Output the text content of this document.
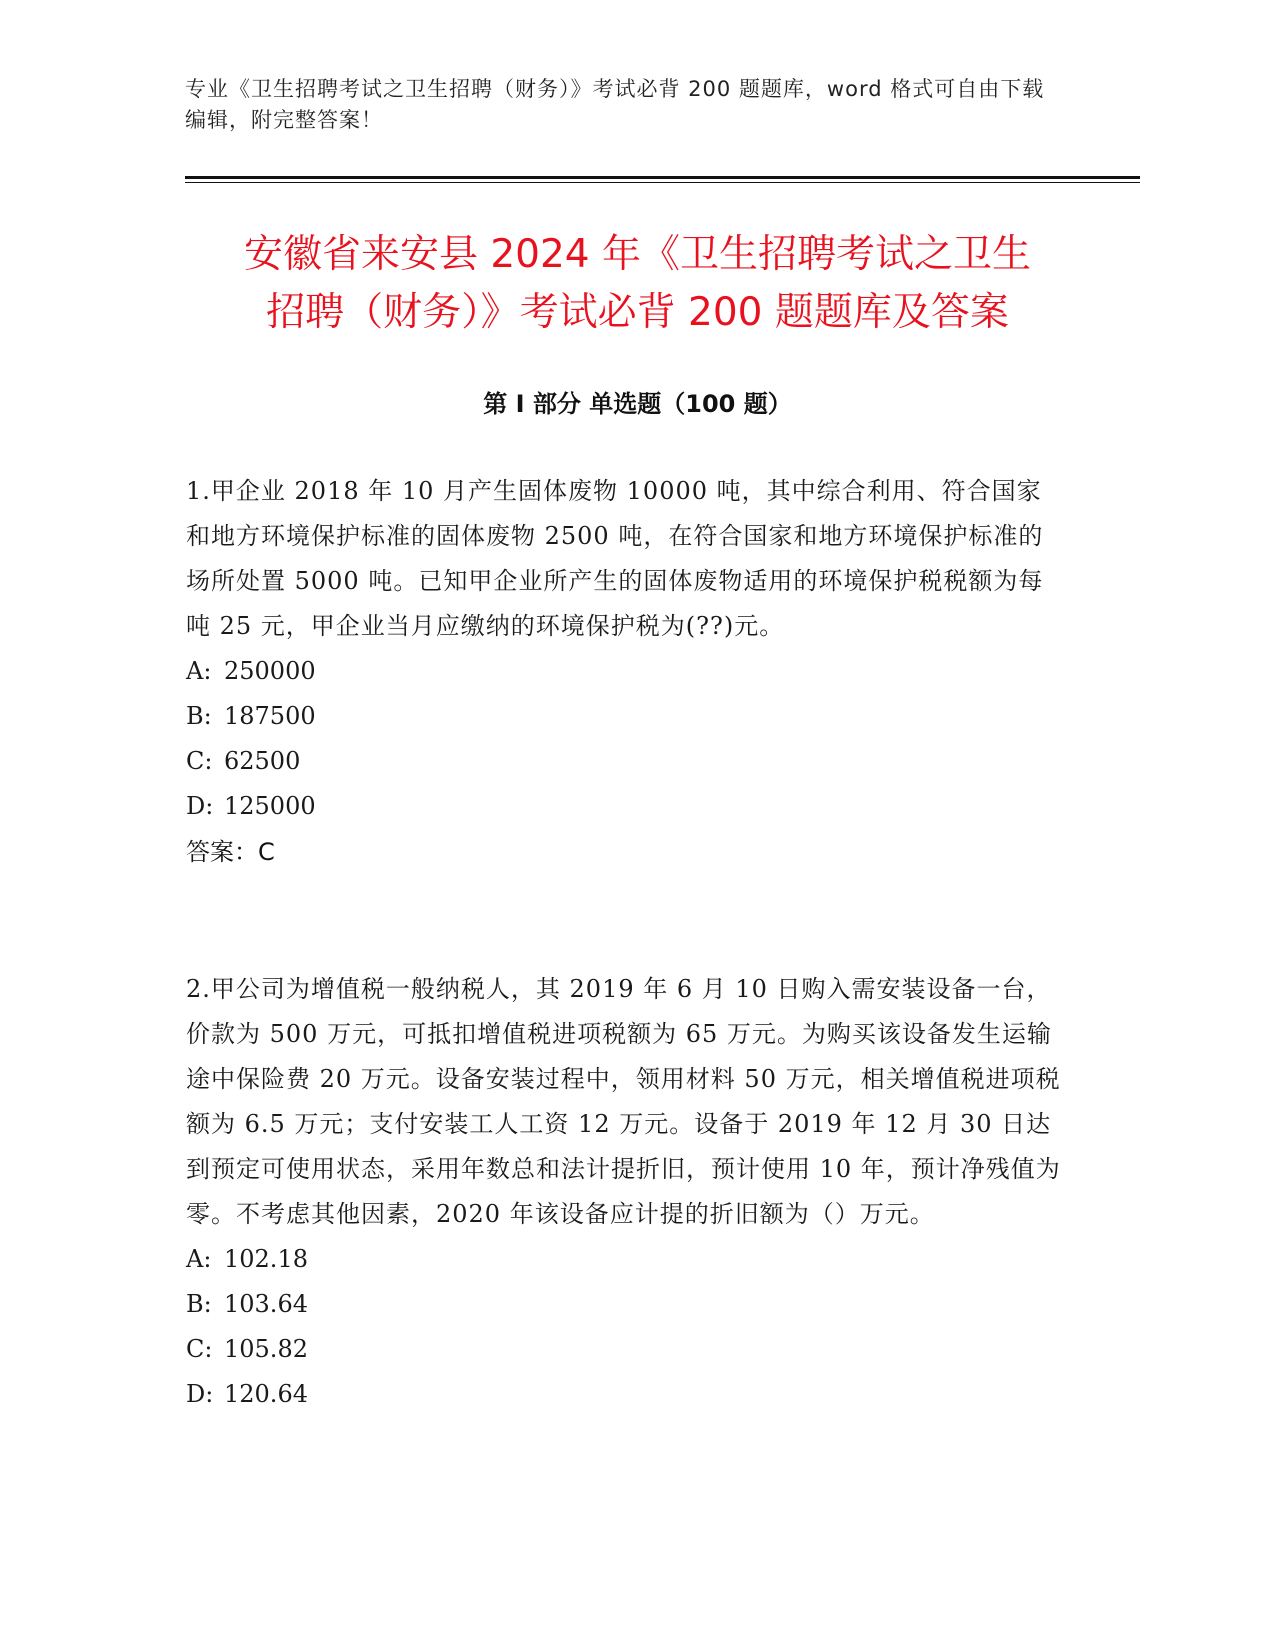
专业《卫生招聘考试之卫生招聘（财务）》考试必背 200 题题库，word 格式可自由下载编辑，附完整答案！
安徽省来安县 2024 年《卫生招聘考试之卫生
招聘（财务）》考试必背 200 题题库及答案
第 I 部分 单选题（100 题）

1.甲企业 2018 年 10 月产生固体废物 10000 吨，其中综合利用、符合国家和地方环境保护标准的固体废物 2500 吨，在符合国家和地方环境保护标准的场所处置 5000 吨。已知甲企业所产生的固体废物适用的环境保护税税额为每吨 25 元，甲企业当月应缴纳的环境保护税为(??)元。

A: 250000

B: 187500

C: 62500

D: 125000

答案：C

2.甲公司为增值税一般纳税人，其 2019 年 6 月 10 日购入需安装设备一台，价款为 500 万元，可抵扣增值税进项税额为 65 万元。为购买该设备发生运输途中保险费 20 万元。设备安装过程中，领用材料 50 万元，相关增值税进项税额为 6.5 万元；支付安装工人工资 12 万元。设备于 2019 年 12 月 30 日达到预定可使用状态，采用年数总和法计提折旧，预计使用 10 年，预计净残值为零。不考虑其他因素，2020 年该设备应计提的折旧额为（）万元。

A: 102.18

B: 103.64

C: 105.82

D: 120.64
